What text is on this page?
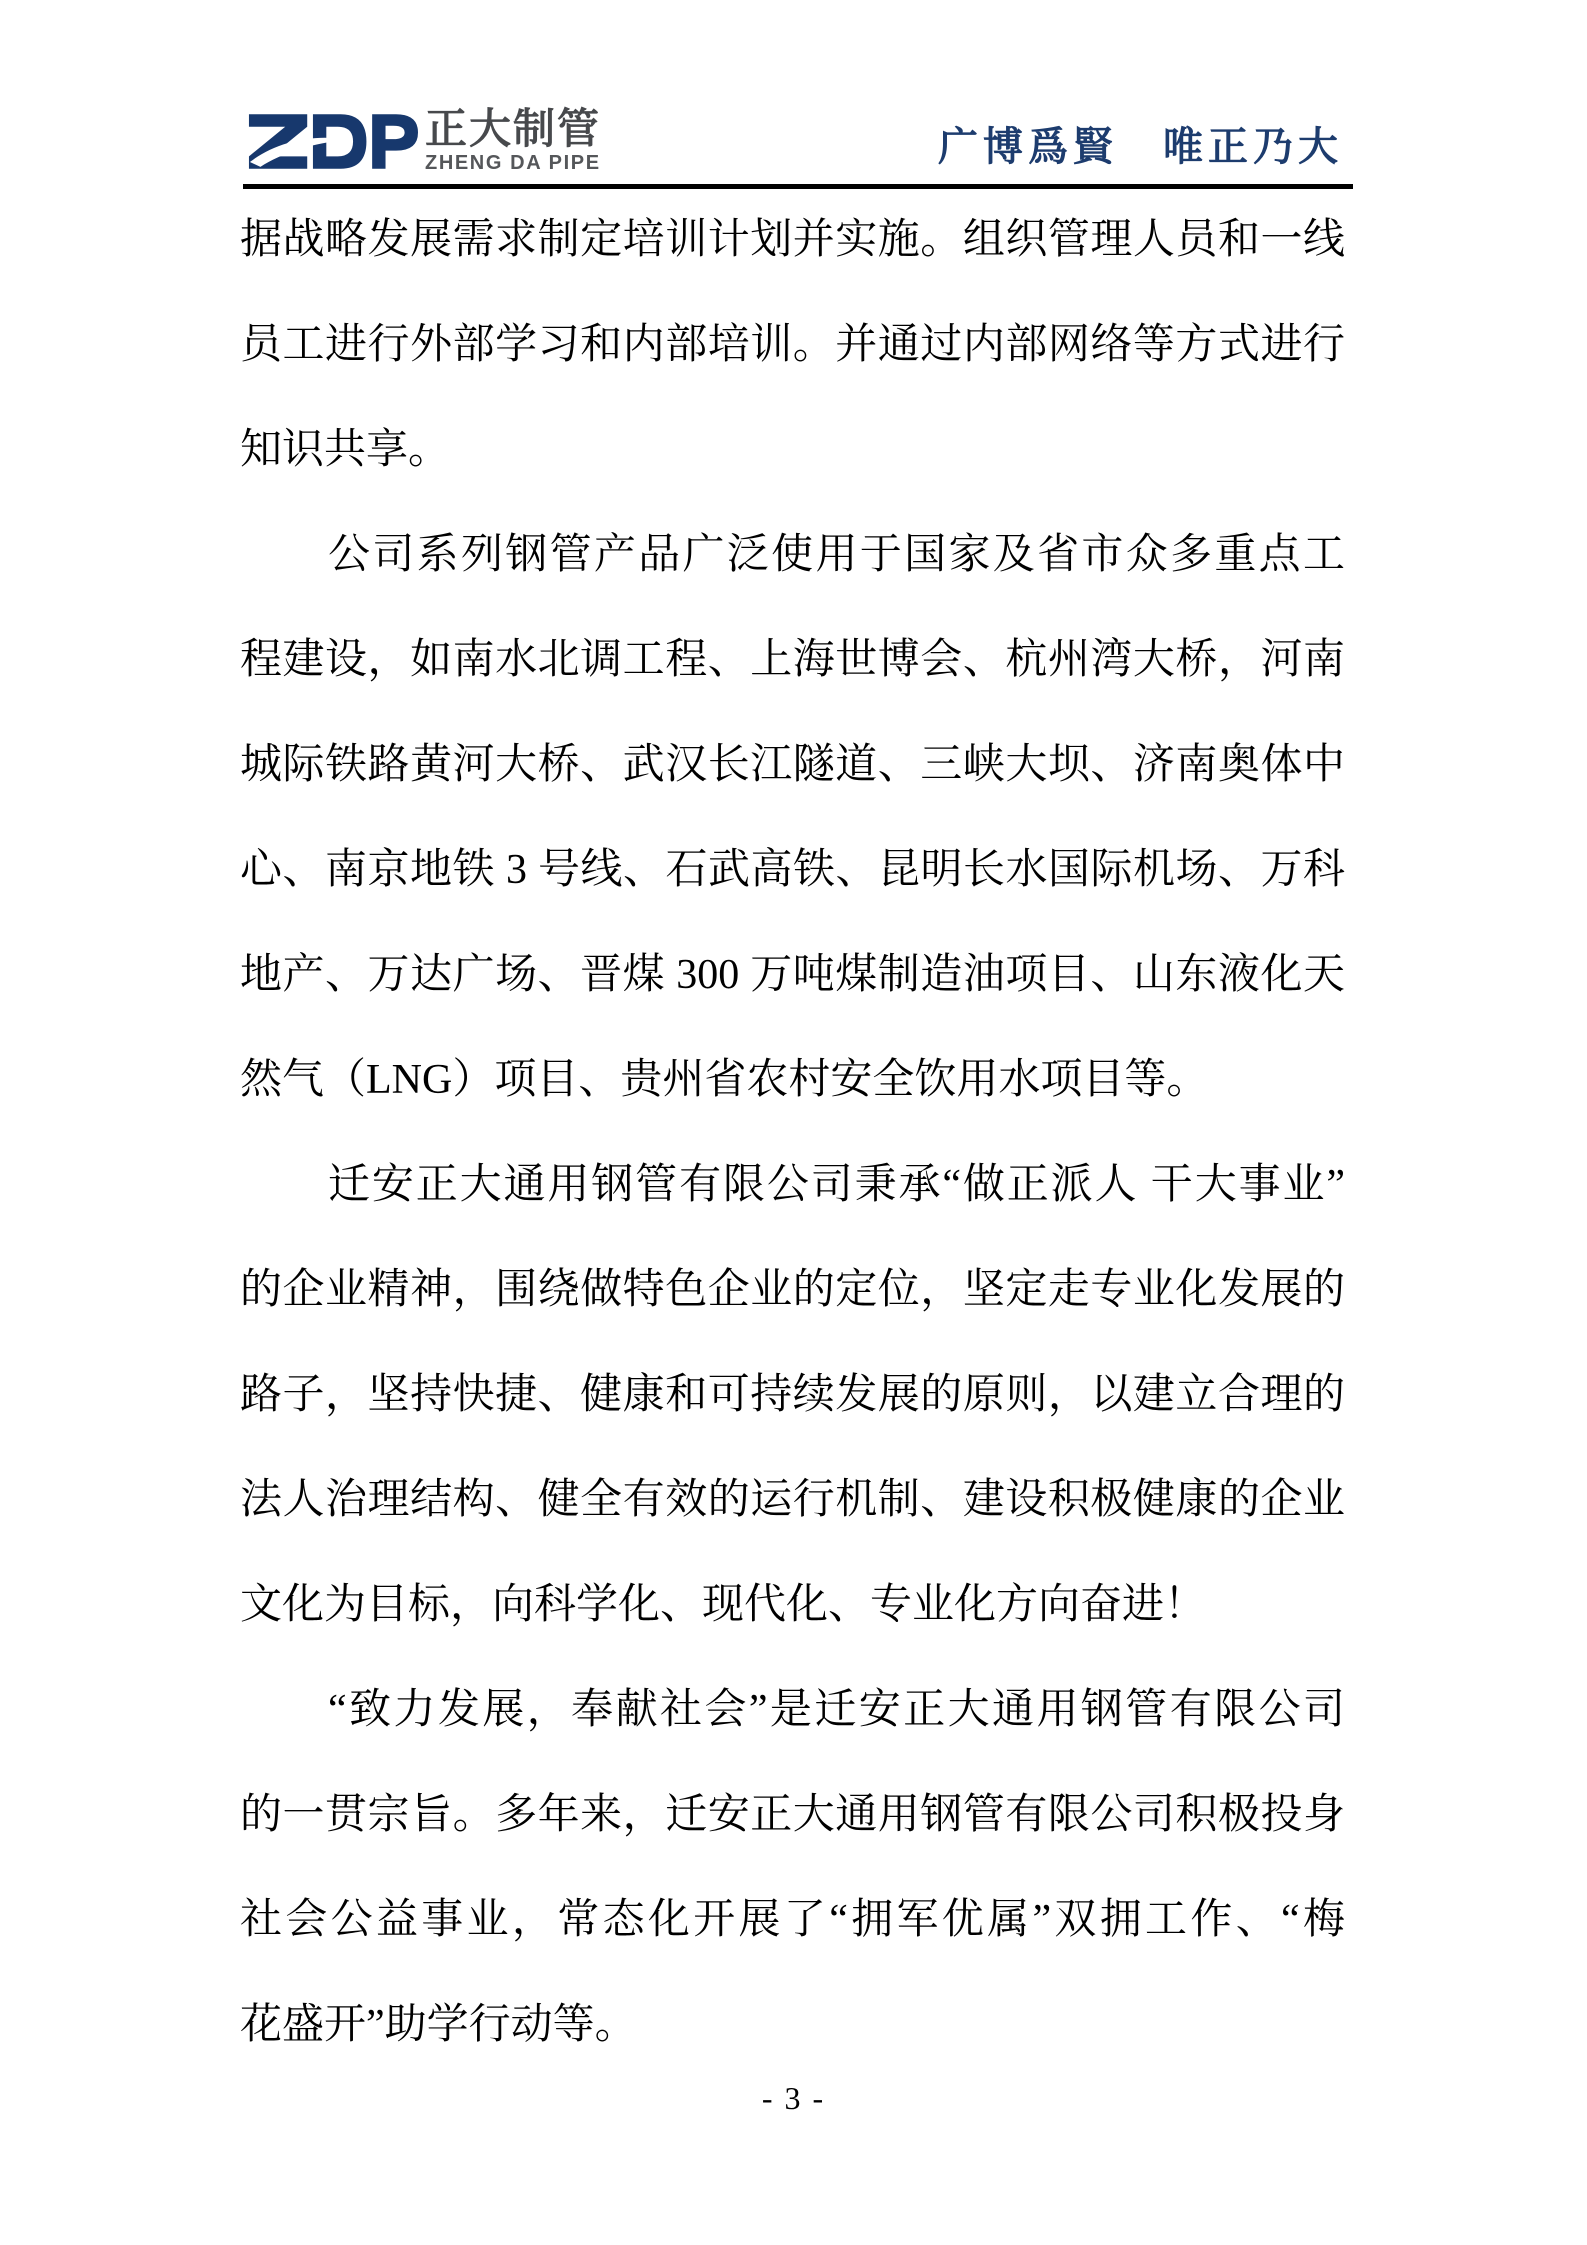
正大制管
ZHENG DA PIPE	广博爲賢　唯正乃大
据战略发展需求制定培训计划并实施。组织管理人员和一线
员工进行外部学习和内部培训。并通过内部网络等方式进行
知识共享。
公司系列钢管产品广泛使用于国家及省市众多重点工
程建设，如南水北调工程、上海世博会、杭州湾大桥，河南
城际铁路黄河大桥、武汉长江隧道、三峡大坝、济南奥体中
心、南京地铁 3 号线、石武高铁、昆明长水国际机场、万科
地产、万达广场、晋煤 300 万吨煤制造油项目、山东液化天
然气（LNG）项目、贵州省农村安全饮用水项目等。
迁安正大通用钢管有限公司秉承“做正派人 干大事业”
的企业精神，围绕做特色企业的定位，坚定走专业化发展的
路子，坚持快捷、健康和可持续发展的原则，以建立合理的
法人治理结构、健全有效的运行机制、建设积极健康的企业
文化为目标，向科学化、现代化、专业化方向奋进！
“致力发展，奉献社会”是迁安正大通用钢管有限公司
的一贯宗旨。多年来，迁安正大通用钢管有限公司积极投身
社会公益事业，常态化开展了“拥军优属”双拥工作、“梅
花盛开”助学行动等。
- 3 -
